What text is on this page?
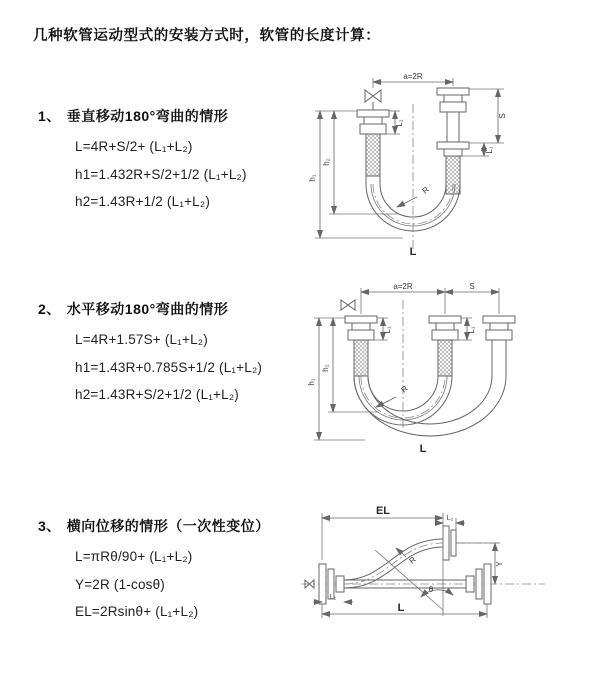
几种软管运动型式的安装方式时，软管的长度计算：

1、 垂直移动180°弯曲的情形

L=4R+S/2+ (L₁+L₂)
h1=1.432R+S/2+1/2 (L₁+L₂)
h2=1.43R+1/2 (L₁+L₂)

2、 水平移动180°弯曲的情形

L=4R+1.57S+ (L₁+L₂)
h1=1.43R+0.785S+1/2 (L₁+L₂)
h2=1.43R+S/2+1/2 (L₁+L₂)

3、 横向位移的情形（一次性变位）

L=πRθ/90+ (L₁+L₂)
Y=2R (1-cosθ)
EL=2Rsinθ+ (L₁+L₂)
a=2R
h₁
h₂
L₁
S
L₁
R
L
a=2R	S
h₁
h₂
L₁	L₁
R
L
θ
R
EL
L₂
Y
L
L₁
